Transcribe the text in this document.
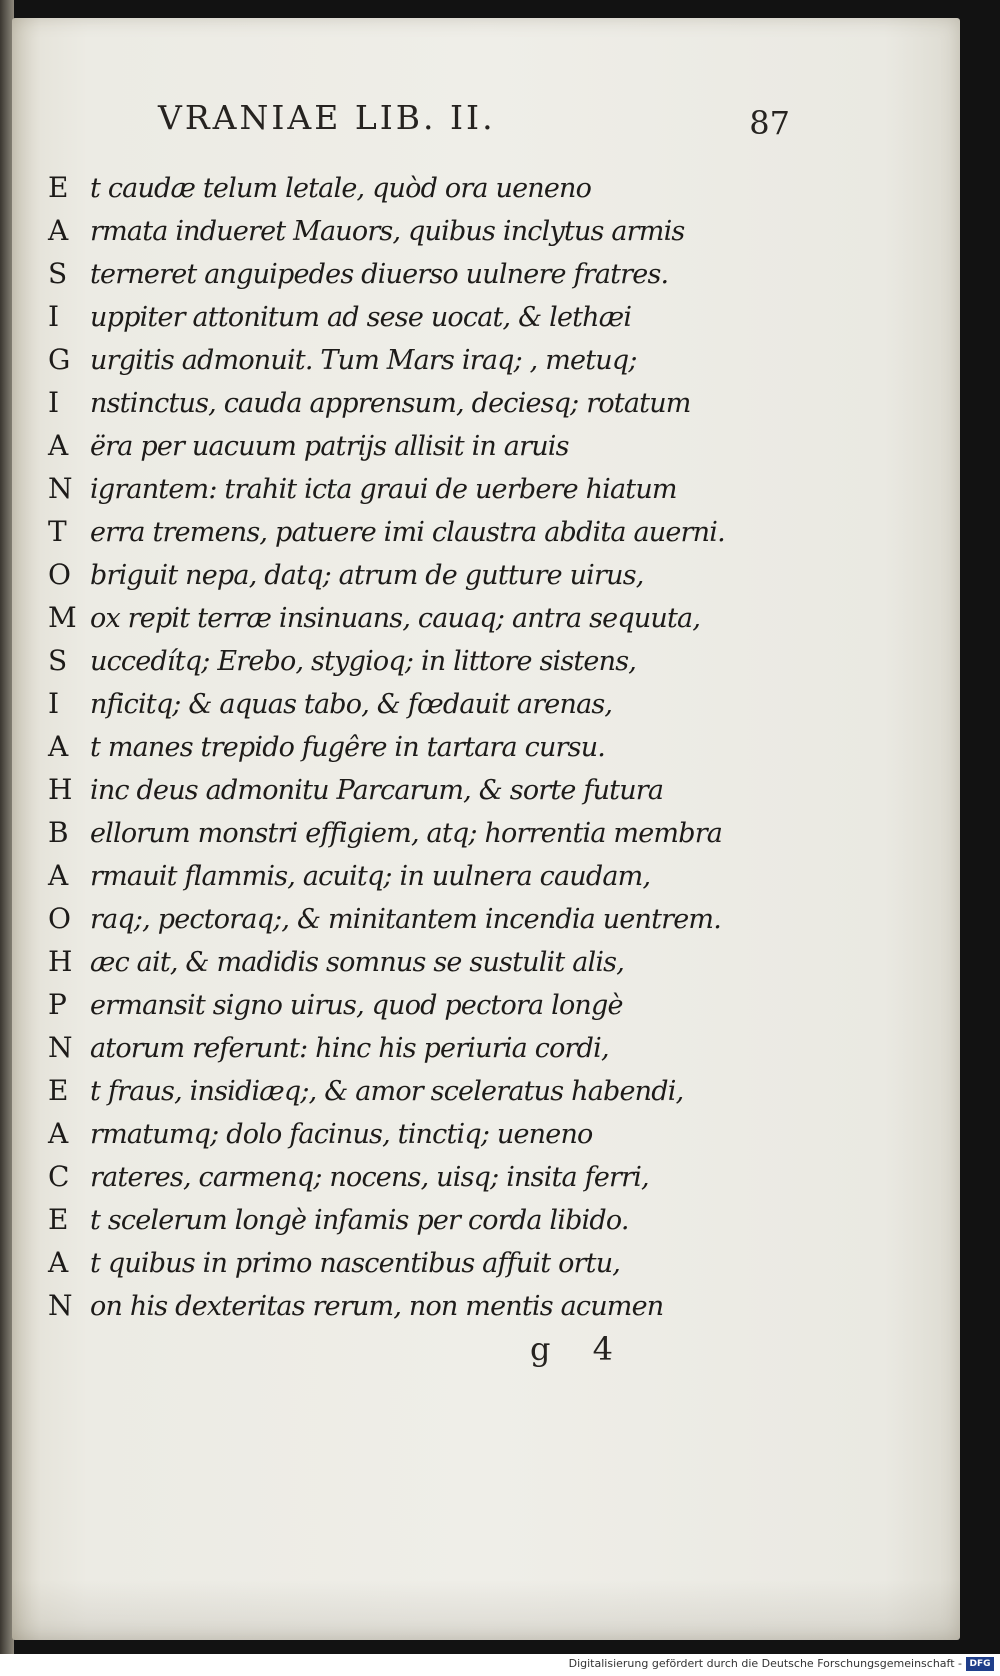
VRANIAE LIB. II.	87
E t caudæ telum letale, quòd ora ueneno
A rmata indueret Mauors, quibus inclytus armis
S terneret anguipedes diuerso uulnere fratres.
I	uppiter attonitum ad sese uocat, & lethæi
G urgitis admonuit. Tum Mars iraq; , metuq;
I	nstinctus, cauda apprensum, deciesq; rotatum
A ëra per uacuum patrijs allisit in aruis
N igrantem: trahit icta graui de uerbere hiatum
T erra tremens, patuere imi claustra abdita auerni.
O briguit nepa, datq; atrum de gutture uirus,
M ox repit terræ insinuans, cauaq; antra sequuta,
S uccedítq; Erebo, stygioq; in littore sistens,
I	nficitq; & aquas tabo, & fœdauit arenas,
A t manes trepido fugêre in tartara cursu.
H inc deus admonitu Parcarum, & sorte futura
B ellorum monstri effigiem, atq; horrentia membra
A rmauit flammis, acuitq; in uulnera caudam,
O raq;, pectoraq;, & minitantem incendia uentrem.
H æc ait, & madidis somnus se sustulit alis,
P ermansit signo uirus, quod pectora longè
N atorum referunt: hinc his periuria cordi,
E t fraus, insidiæq;, & amor sceleratus habendi,
A rmatumq; dolo facinus, tinctiq; ueneno
C rateres, carmenq; nocens, uisq; insita ferri,
E t scelerum longè infamis per corda libido.
A t quibus in primo nascentibus affuit ortu,
N on his dexteritas rerum, non mentis acumen
g 4
Digitalisierung gefördert durch die Deutsche Forschungsgemeinschaft - DFG
